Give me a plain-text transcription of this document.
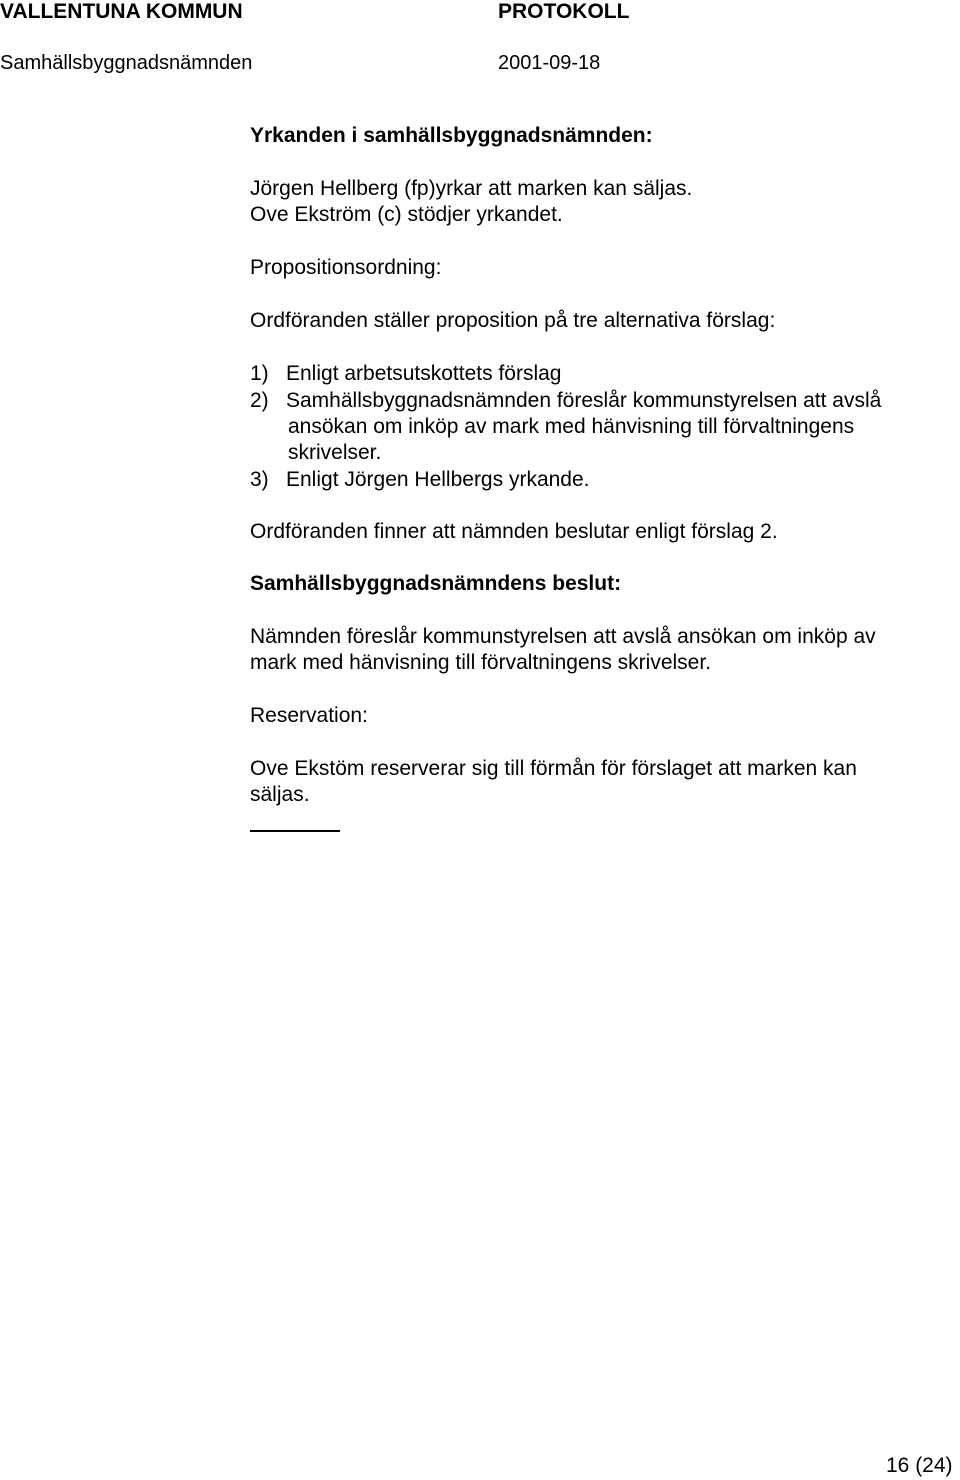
VALLENTUNA KOMMUN	PROTOKOLL
Samhällsbyggnadsnämnden	2001-09-18
Yrkanden i samhällsbyggnadsnämnden:
Jörgen Hellberg (fp)yrkar att marken kan säljas.
Ove Ekström (c) stödjer yrkandet.
Propositionsordning:
Ordföranden ställer proposition på tre alternativa förslag:
1) Enligt arbetsutskottets förslag
2) Samhällsbyggnadsnämnden föreslår kommunstyrelsen att avslå
ansökan om inköp av mark med hänvisning till förvaltningens
skrivelser.
3) Enligt Jörgen Hellbergs yrkande.
Ordföranden finner att nämnden beslutar enligt förslag 2.
Samhällsbyggnadsnämndens beslut:
Nämnden föreslår kommunstyrelsen att avslå ansökan om inköp av
mark med hänvisning till förvaltningens skrivelser.
Reservation:
Ove Ekstöm reserverar sig till förmån för förslaget att marken kan
säljas.
16 (24)
